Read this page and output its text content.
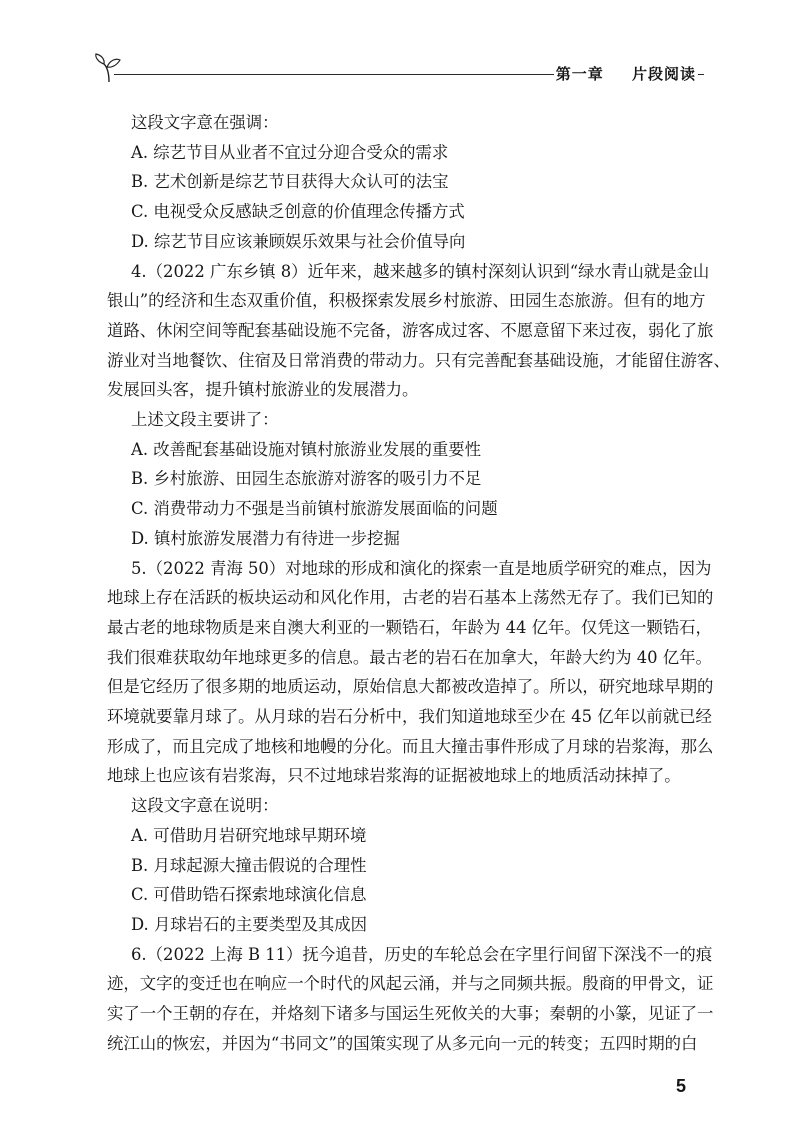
第一章 片段阅读

这段文字意在强调：

A. 综艺节目从业者不宜过分迎合受众的需求

B. 艺术创新是综艺节目获得大众认可的法宝

C. 电视受众反感缺乏创意的价值理念传播方式

D. 综艺节目应该兼顾娱乐效果与社会价值导向

4.（2022 广东乡镇 8）近年来，越来越多的镇村深刻认识到“绿水青山就是金山

银山”的经济和生态双重价值，积极探索发展乡村旅游、田园生态旅游。但有的地方

道路、休闲空间等配套基础设施不完备，游客成过客、不愿意留下来过夜，弱化了旅

游业对当地餐饮、住宿及日常消费的带动力。只有完善配套基础设施，才能留住游客、

发展回头客，提升镇村旅游业的发展潜力。

上述文段主要讲了：

A. 改善配套基础设施对镇村旅游业发展的重要性

B. 乡村旅游、田园生态旅游对游客的吸引力不足

C. 消费带动力不强是当前镇村旅游发展面临的问题

D. 镇村旅游发展潜力有待进一步挖掘

5.（2022 青海 50）对地球的形成和演化的探索一直是地质学研究的难点，因为

地球上存在活跃的板块运动和风化作用，古老的岩石基本上荡然无存了。我们已知的

最古老的地球物质是来自澳大利亚的一颗锆石，年龄为 44 亿年。仅凭这一颗锆石，

我们很难获取幼年地球更多的信息。最古老的岩石在加拿大，年龄大约为 40 亿年。

但是它经历了很多期的地质运动，原始信息大都被改造掉了。所以，研究地球早期的

环境就要靠月球了。从月球的岩石分析中，我们知道地球至少在 45 亿年以前就已经

形成了，而且完成了地核和地幔的分化。而且大撞击事件形成了月球的岩浆海，那么

地球上也应该有岩浆海，只不过地球岩浆海的证据被地球上的地质活动抹掉了。

这段文字意在说明：

A. 可借助月岩研究地球早期环境

B. 月球起源大撞击假说的合理性

C. 可借助锆石探索地球演化信息

D. 月球岩石的主要类型及其成因

6.（2022 上海 B 11）抚今追昔，历史的车轮总会在字里行间留下深浅不一的痕

迹，文字的变迁也在响应一个时代的风起云涌，并与之同频共振。殷商的甲骨文，证

实了一个王朝的存在，并烙刻下诸多与国运生死攸关的大事；秦朝的小篆，见证了一

统江山的恢宏，并因为“书同文”的国策实现了从多元向一元的转变；五四时期的白

5
